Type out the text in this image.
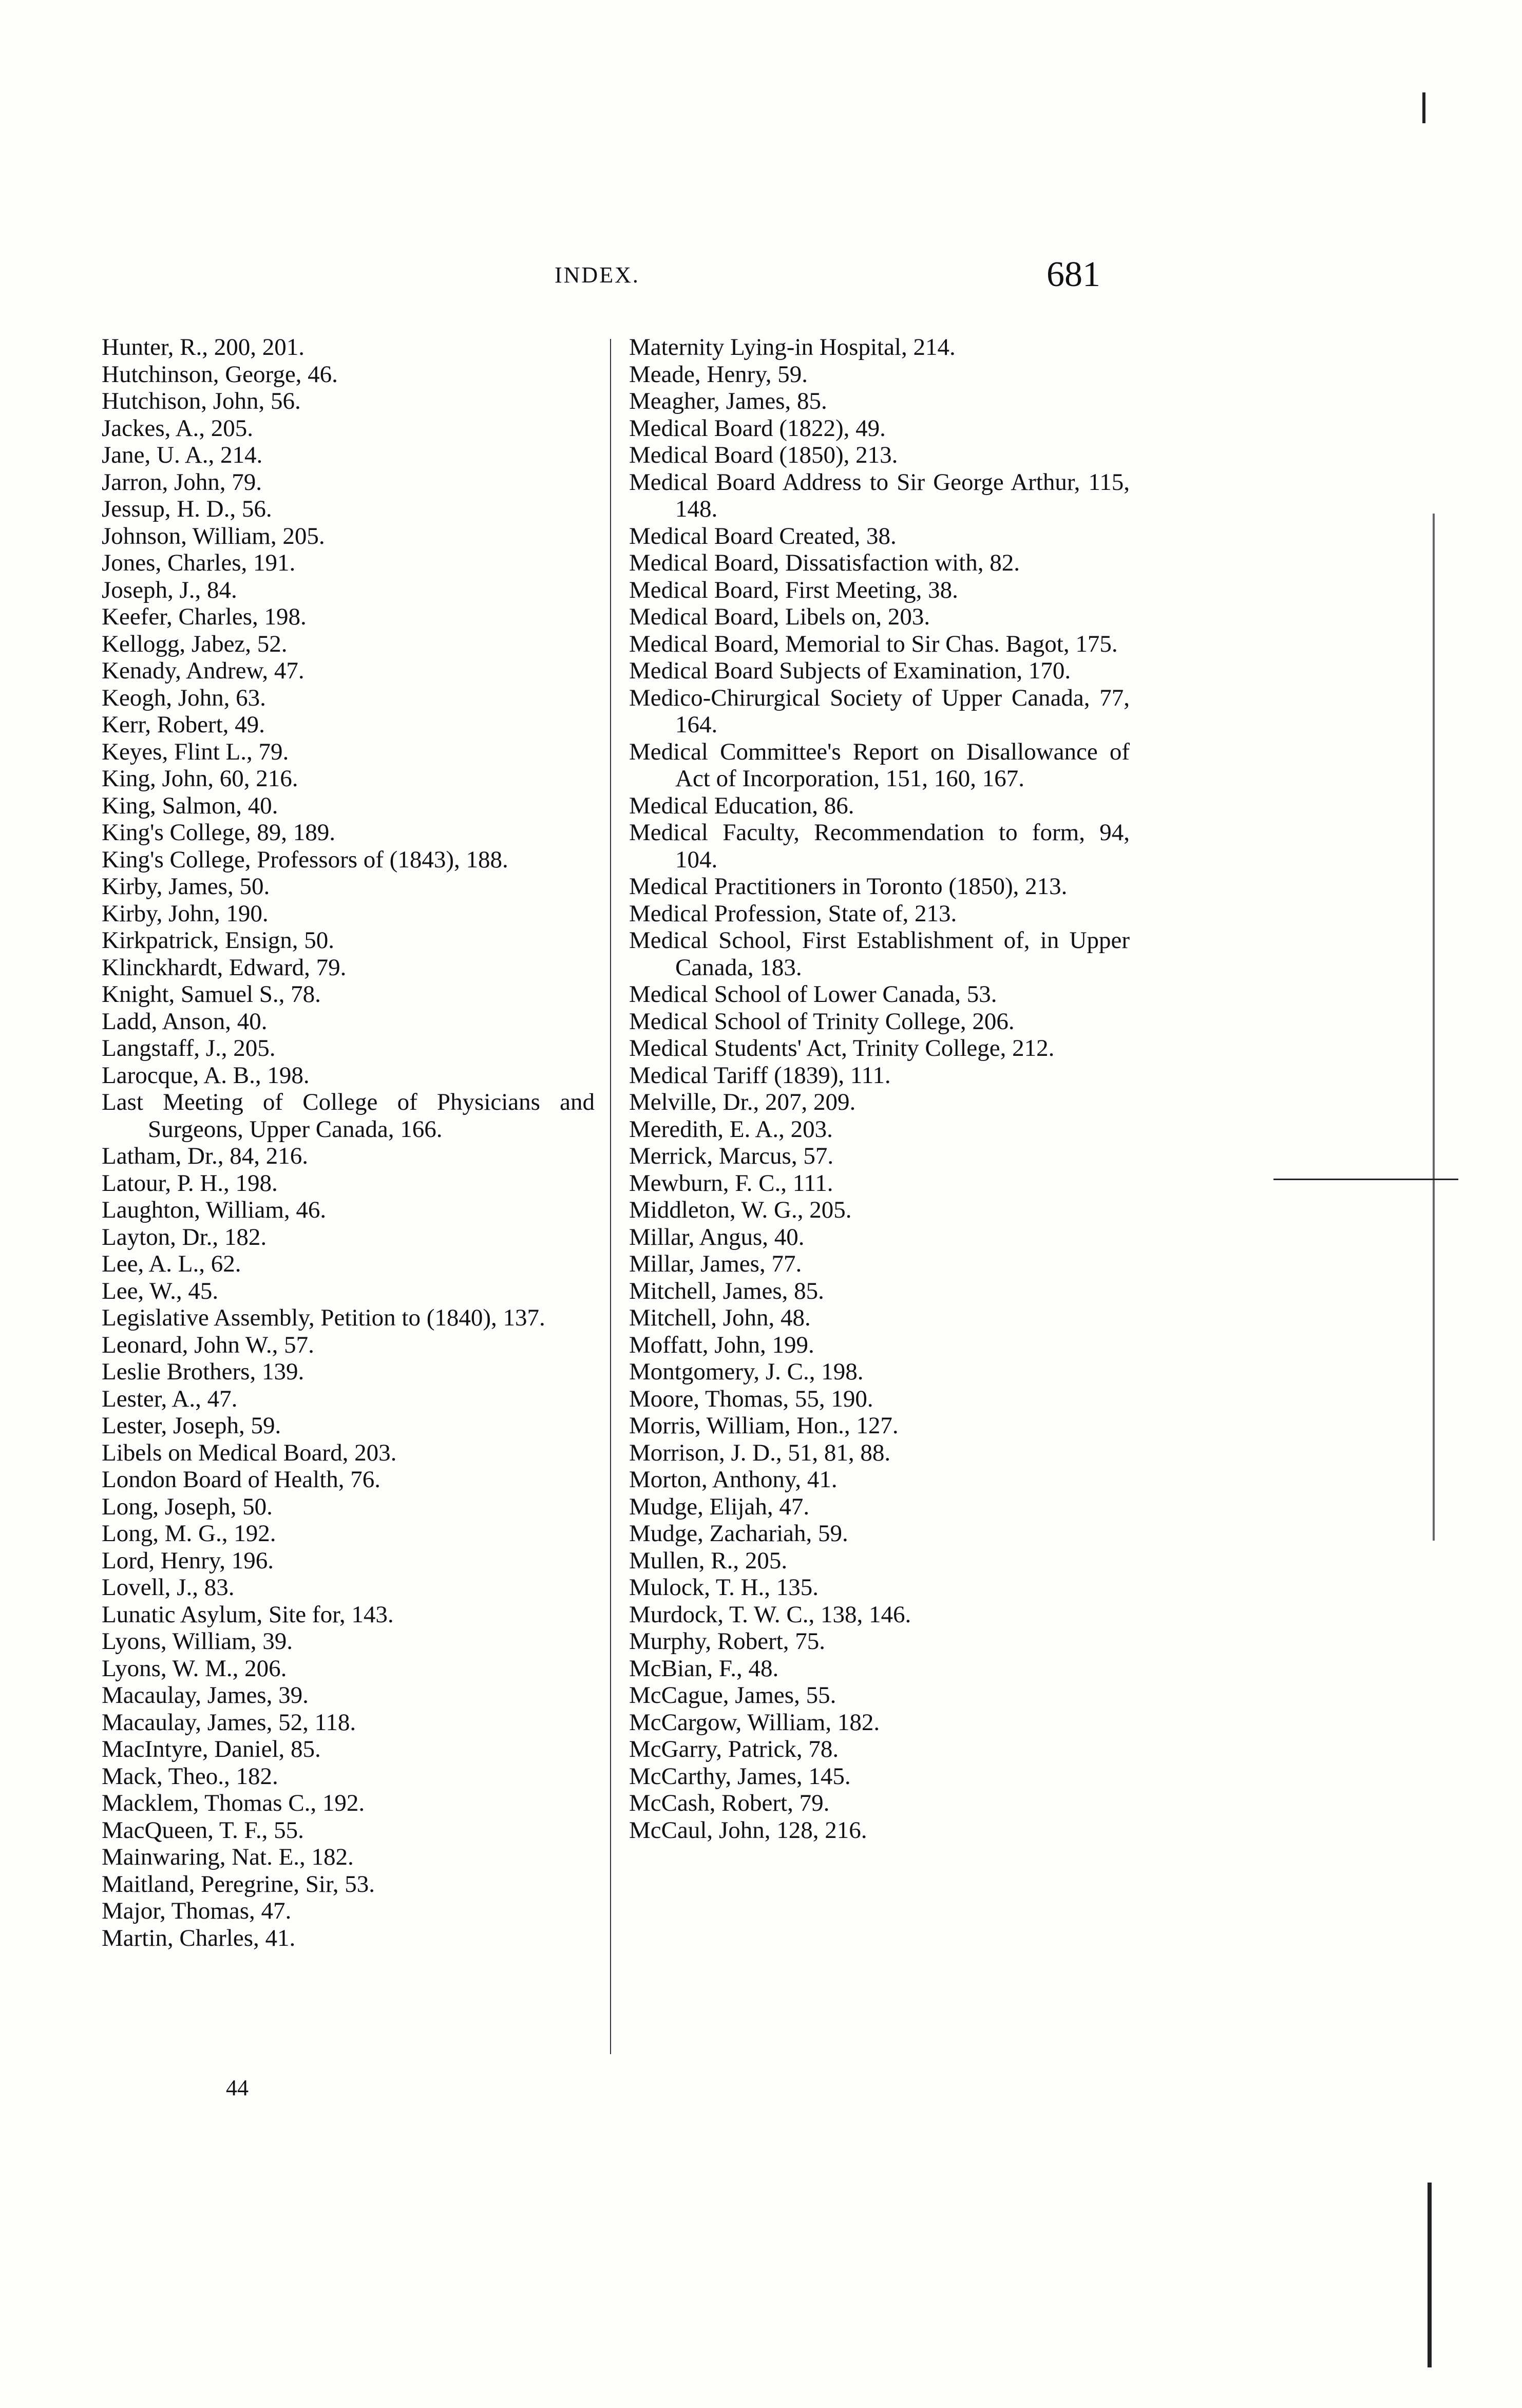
INDEX.	681

Hunter, R., 200, 201.

Hutchinson, George, 46.

Hutchison, John, 56.

Jackes, A., 205.

Jane, U. A., 214.

Jarron, John, 79.

Jessup, H. D., 56.

Johnson, William, 205.

Jones, Charles, 191.

Joseph, J., 84.

Keefer, Charles, 198.

Kellogg, Jabez, 52.

Kenady, Andrew, 47.

Keogh, John, 63.

Kerr, Robert, 49.

Keyes, Flint L., 79.

King, John, 60, 216.

King, Salmon, 40.

King's College, 89, 189.

King's College, Professors of (1843), 188.

Kirby, James, 50.

Kirby, John, 190.

Kirkpatrick, Ensign, 50.

Klinckhardt, Edward, 79.

Knight, Samuel S., 78.

Ladd, Anson, 40.

Langstaff, J., 205.

Larocque, A. B., 198.

Last Meeting of College of Physicians and Surgeons, Upper Canada, 166.

Latham, Dr., 84, 216.

Latour, P. H., 198.

Laughton, William, 46.

Layton, Dr., 182.

Lee, A. L., 62.

Lee, W., 45.

Legislative Assembly, Petition to (1840), 137.

Leonard, John W., 57.

Leslie Brothers, 139.

Lester, A., 47.

Lester, Joseph, 59.

Libels on Medical Board, 203.

London Board of Health, 76.

Long, Joseph, 50.

Long, M. G., 192.

Lord, Henry, 196.

Lovell, J., 83.

Lunatic Asylum, Site for, 143.

Lyons, William, 39.

Lyons, W. M., 206.

Macaulay, James, 39.

Macaulay, James, 52, 118.

MacIntyre, Daniel, 85.

Mack, Theo., 182.

Macklem, Thomas C., 192.

MacQueen, T. F., 55.

Mainwaring, Nat. E., 182.

Maitland, Peregrine, Sir, 53.

Major, Thomas, 47.

Martin, Charles, 41.

Maternity Lying-in Hospital, 214.

Meade, Henry, 59.

Meagher, James, 85.

Medical Board (1822), 49.

Medical Board (1850), 213.

Medical Board Address to Sir George Arthur, 115, 148.

Medical Board Created, 38.

Medical Board, Dissatisfaction with, 82.

Medical Board, First Meeting, 38.

Medical Board, Libels on, 203.

Medical Board, Memorial to Sir Chas. Bagot, 175.

Medical Board Subjects of Examination, 170.

Medico-Chirurgical Society of Upper Canada, 77, 164.

Medical Committee's Report on Disallowance of Act of Incorporation, 151, 160, 167.

Medical Education, 86.

Medical Faculty, Recommendation to form, 94, 104.

Medical Practitioners in Toronto (1850), 213.

Medical Profession, State of, 213.

Medical School, First Establishment of, in Upper Canada, 183.

Medical School of Lower Canada, 53.

Medical School of Trinity College, 206.

Medical Students' Act, Trinity College, 212.

Medical Tariff (1839), 111.

Melville, Dr., 207, 209.

Meredith, E. A., 203.

Merrick, Marcus, 57.

Mewburn, F. C., 111.

Middleton, W. G., 205.

Millar, Angus, 40.

Millar, James, 77.

Mitchell, James, 85.

Mitchell, John, 48.

Moffatt, John, 199.

Montgomery, J. C., 198.

Moore, Thomas, 55, 190.

Morris, William, Hon., 127.

Morrison, J. D., 51, 81, 88.

Morton, Anthony, 41.

Mudge, Elijah, 47.

Mudge, Zachariah, 59.

Mullen, R., 205.

Mulock, T. H., 135.

Murdock, T. W. C., 138, 146.

Murphy, Robert, 75.

McBian, F., 48.

McCague, James, 55.

McCargow, William, 182.

McGarry, Patrick, 78.

McCarthy, James, 145.

McCash, Robert, 79.

McCaul, John, 128, 216.

44
